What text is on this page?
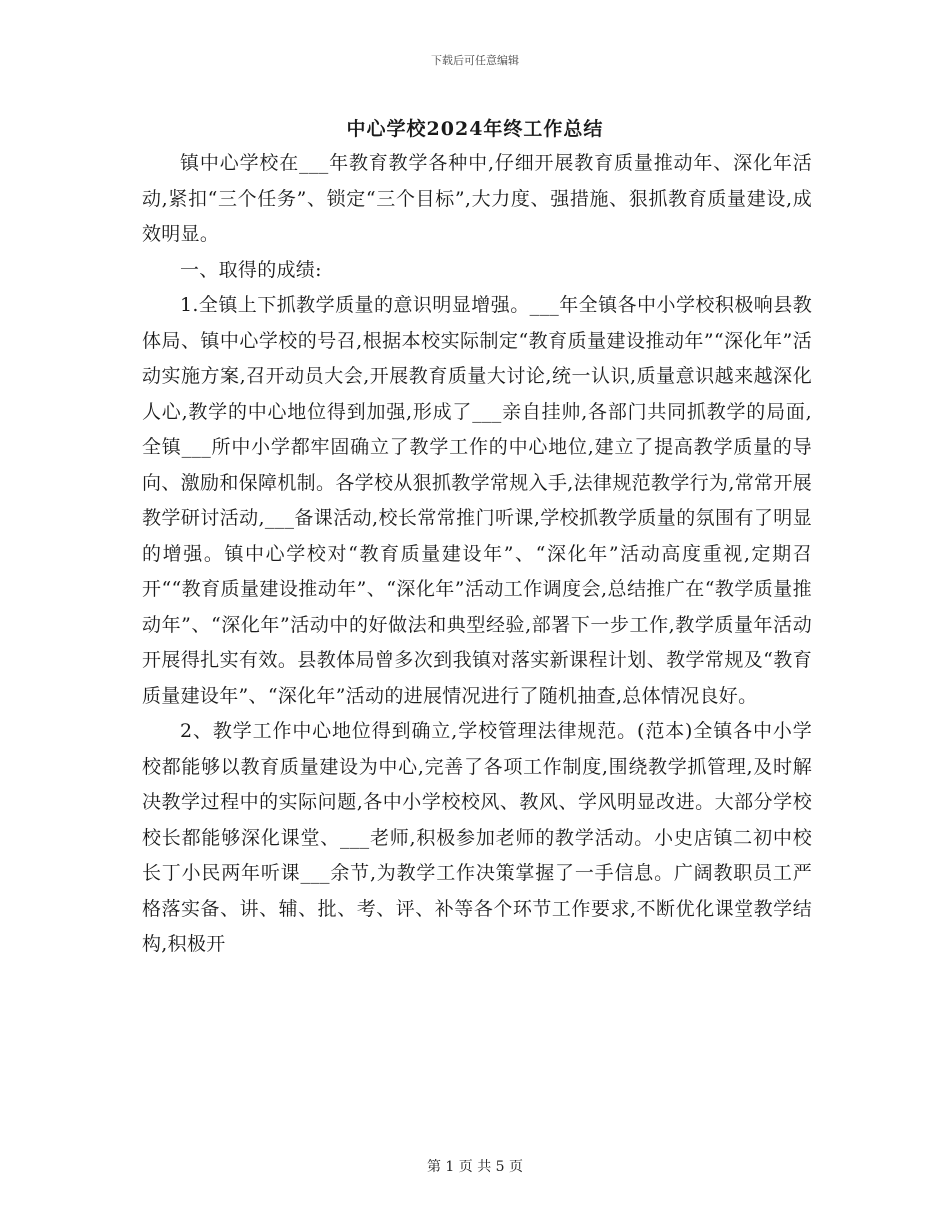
下载后可任意编辑
中心学校2024年终工作总结

镇中心学校在___年教育教学各种中,仔细开展教育质量推动年、深化年活动,紧扣“三个任务”、锁定“三个目标”,大力度、强措施、狠抓教育质量建设,成效明显。

一、取得的成绩:

1.全镇上下抓教学质量的意识明显增强。___年全镇各中小学校积极响县教体局、镇中心学校的号召,根据本校实际制定“教育质量建设推动年”“深化年”活动实施方案,召开动员大会,开展教育质量大讨论,统一认识,质量意识越来越深化人心,教学的中心地位得到加强,形成了___亲自挂帅,各部门共同抓教学的局面,全镇___所中小学都牢固确立了教学工作的中心地位,建立了提高教学质量的导向、激励和保障机制。各学校从狠抓教学常规入手,法律规范教学行为,常常开展教学研讨活动,___备课活动,校长常常推门听课,学校抓教学质量的氛围有了明显的增强。镇中心学校对“教育质量建设年”、“深化年”活动高度重视,定期召开““教育质量建设推动年”、“深化年”活动工作调度会,总结推广在“教学质量推动年”、“深化年”活动中的好做法和典型经验,部署下一步工作,教学质量年活动开展得扎实有效。县教体局曾多次到我镇对落实新课程计划、教学常规及“教育质量建设年”、“深化年”活动的进展情况进行了随机抽查,总体情况良好。

2、教学工作中心地位得到确立,学校管理法律规范。(范本)全镇各中小学校都能够以教育质量建设为中心,完善了各项工作制度,围绕教学抓管理,及时解决教学过程中的实际问题,各中小学校校风、教风、学风明显改进。大部分学校校长都能够深化课堂、___老师,积极参加老师的教学活动。小史店镇二初中校长丁小民两年听课___余节,为教学工作决策掌握了一手信息。广阔教职员工严格落实备、讲、辅、批、考、评、补等各个环节工作要求,不断优化课堂教学结构,积极开

第 1 页 共 5 页
